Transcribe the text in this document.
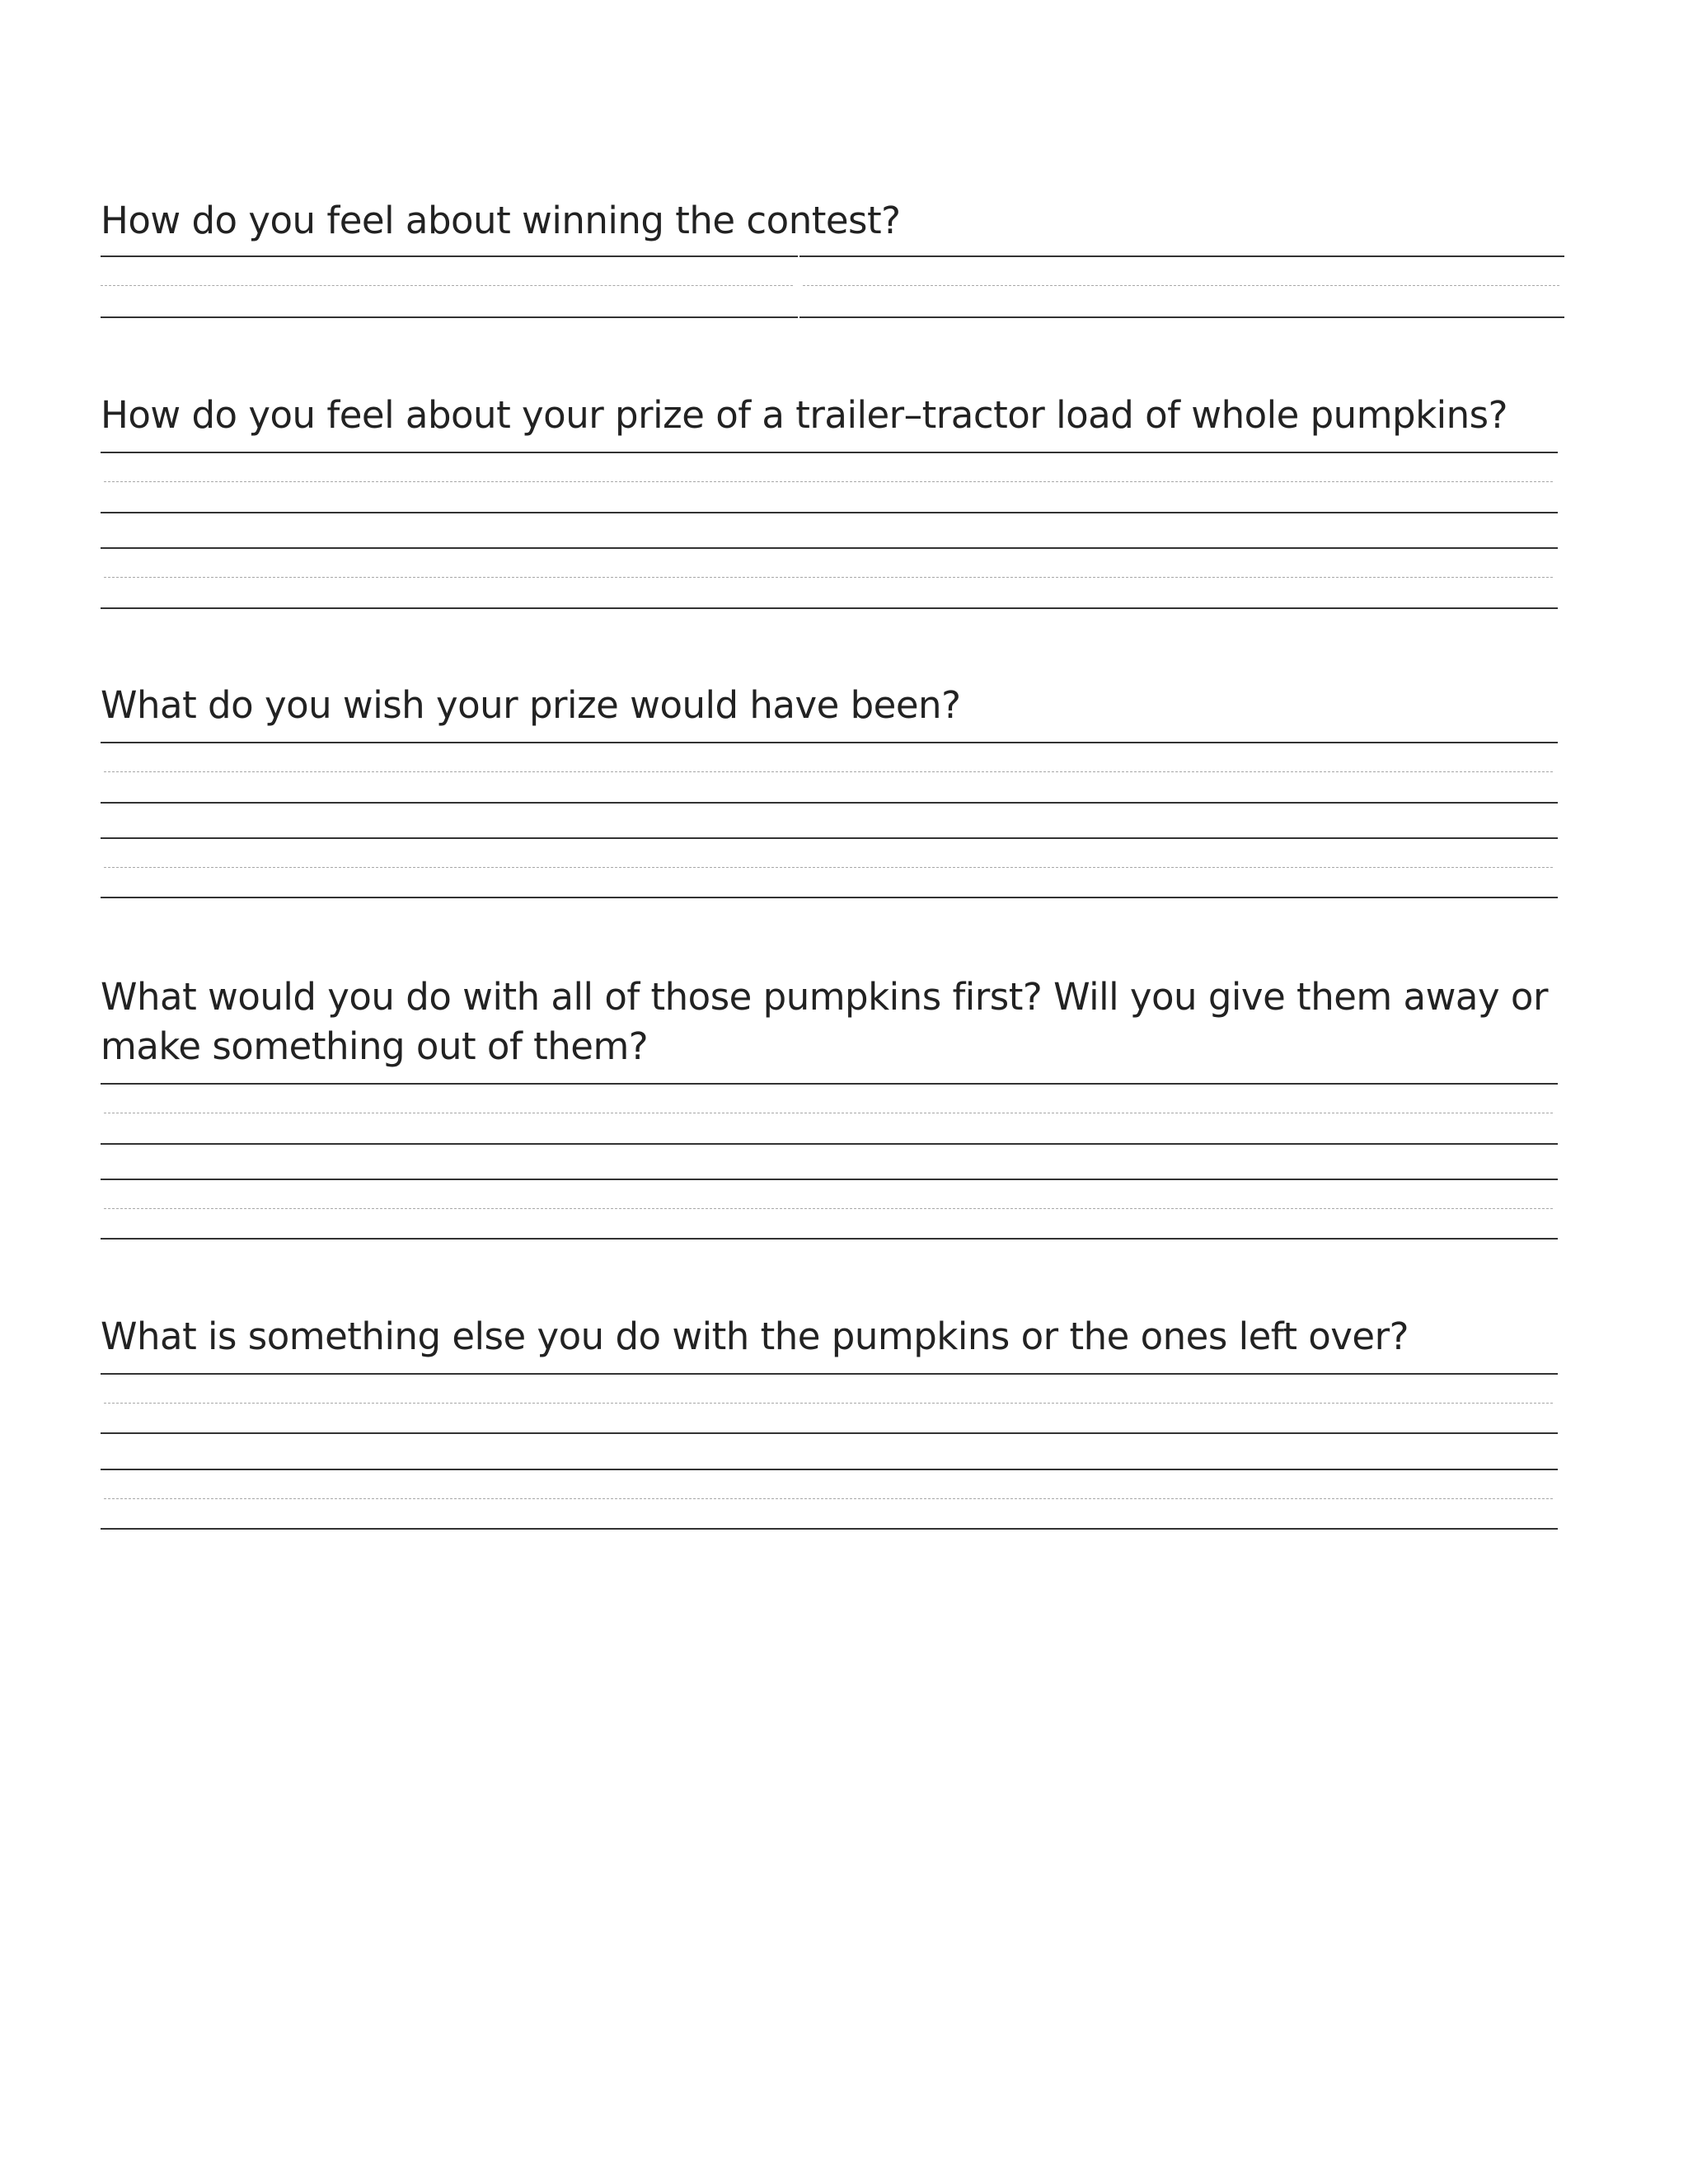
How do you feel about winning the contest?
How do you feel about your prize of a trailer–tractor load of whole pumpkins?
What do you wish your prize would have been?
What would you do with all of those pumpkins first? Will you give them away or make something out of them?
What is something else you do with the pumpkins or the ones left over?
